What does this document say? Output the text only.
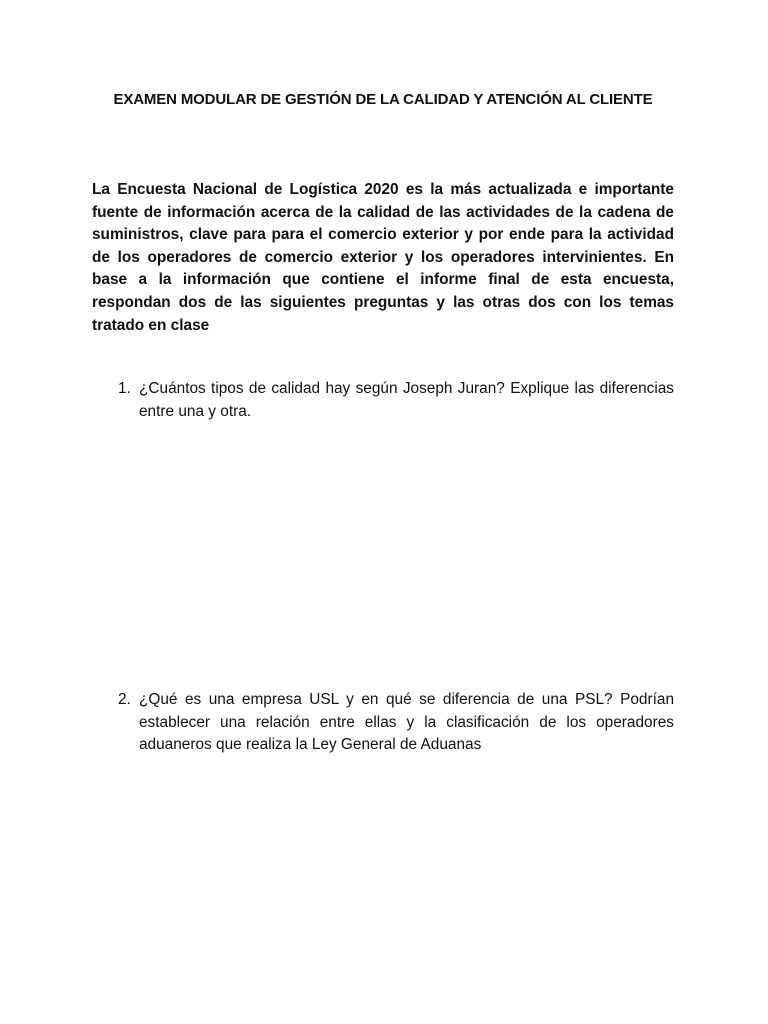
EXAMEN MODULAR DE GESTIÓN DE LA CALIDAD Y ATENCIÓN AL CLIENTE

La Encuesta Nacional de Logística 2020 es la más actualizada e importante fuente de información acerca de la calidad de las actividades de la cadena de suministros, clave para para el comercio exterior y por ende para la actividad de los operadores de comercio exterior y los operadores intervinientes. En base a la información que contiene el informe final de esta encuesta, respondan dos de las siguientes preguntas y las otras dos con los temas tratado en clase

1. ¿Cuántos tipos de calidad hay según Joseph Juran? Explique las diferencias entre una y otra.

2. ¿Qué es una empresa USL y en qué se diferencia de una PSL? Podrían establecer una relación entre ellas y la clasificación de los operadores aduaneros que realiza la Ley General de Aduanas
